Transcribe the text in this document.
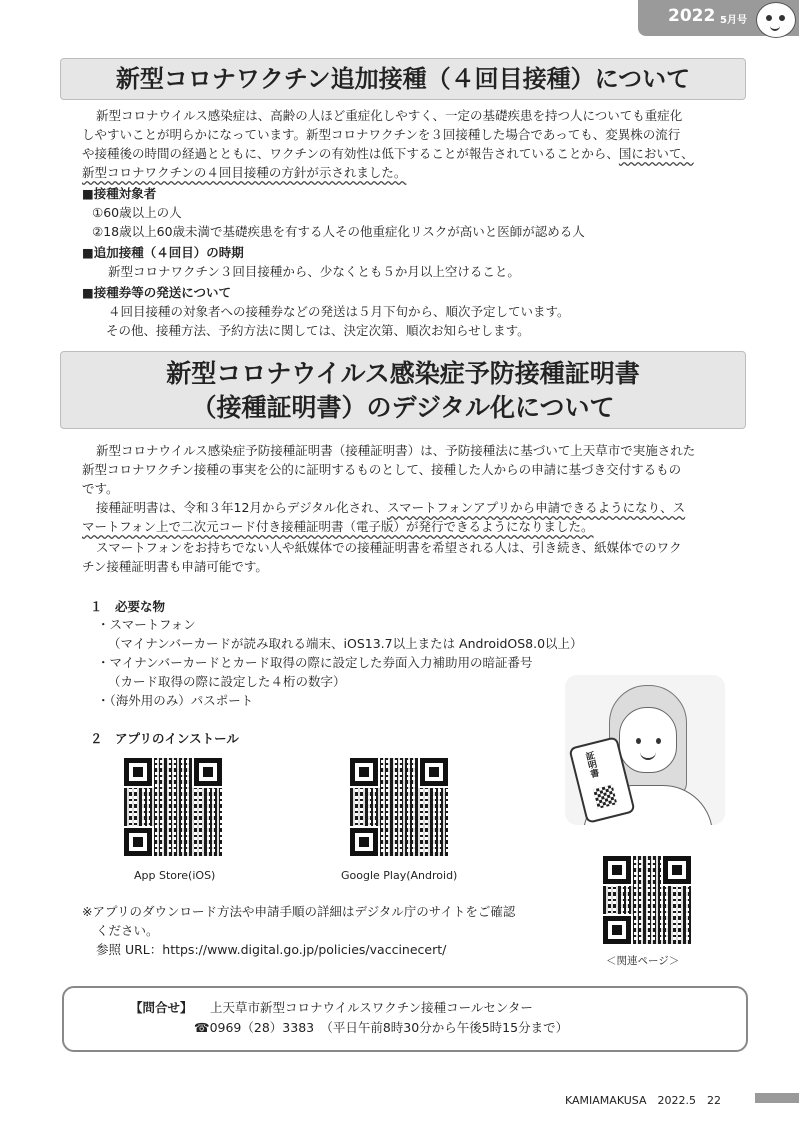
2022 5月号
新型コロナワクチン追加接種（４回目接種）について
新型コロナウイルス感染症は、高齢の人ほど重症化しやすく、一定の基礎疾患を持つ人についても重症化
しやすいことが明らかになっています。新型コロナワクチンを３回接種した場合であっても、変異株の流行
や接種後の時間の経過とともに、ワクチンの有効性は低下することが報告されていることから、国において、
新型コロナワクチンの４回目接種の方針が示されました。
■接種対象者
①60歳以上の人
②18歳以上60歳未満で基礎疾患を有する人その他重症化リスクが高いと医師が認める人
■追加接種（４回目）の時期
新型コロナワクチン３回目接種から、少なくとも５か月以上空けること。
■接種券等の発送について
４回目接種の対象者への接種券などの発送は５月下旬から、順次予定しています。
その他、接種方法、予約方法に関しては、決定次第、順次お知らせします。
新型コロナウイルス感染症予防接種証明書
（接種証明書）のデジタル化について
新型コロナウイルス感染症予防接種証明書（接種証明書）は、予防接種法に基づいて上天草市で実施された
新型コロナワクチン接種の事実を公的に証明するものとして、接種した人からの申請に基づき交付するもの
です。
接種証明書は、令和３年12月からデジタル化され、スマートフォンアプリから申請できるようになり、ス
マートフォン上で二次元コード付き接種証明書（電子版）が発行できるようになりました。
スマートフォンをお持ちでない人や紙媒体での接種証明書を希望される人は、引き続き、紙媒体でのワク
チン接種証明書も申請可能です。
１　必要な物
・スマートフォン
（マイナンバーカードが読み取れる端末、iOS13.7以上または AndroidOS8.0以上）
・マイナンバーカードとカード取得の際に設定した券面入力補助用の暗証番号
（カード取得の際に設定した４桁の数字）
・（海外用のみ）パスポート
２　アプリのインストール
App Store(iOS)	Google Play(Android)
＜関連ページ＞
証明書
※アプリのダウンロード方法や申請手順の詳細はデジタル庁のサイトをご確認
ください。
参照 URL：https://www.digital.go.jp/policies/vaccinecert/
【問合せ】 上天草市新型コロナウイルスワクチン接種コールセンター
☎0969（28）3383　（平日午前8時30分から午後5時15分まで）
KAMIAMAKUSA　2022.5　22
